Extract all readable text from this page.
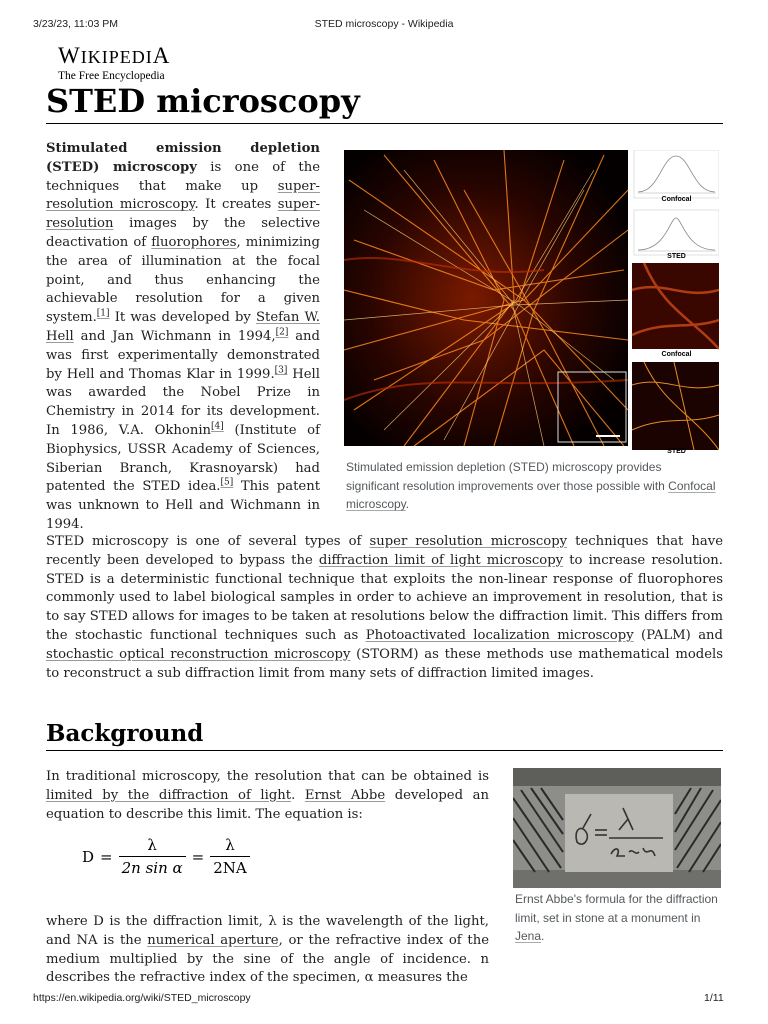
3/23/23, 11:03 PM	STED microscopy - Wikipedia
https://en.wikipedia.org/wiki/STED_microscopy	1/11
WIKIPEDIA
The Free Encyclopedia
STED microscopy

Stimulated emission depletion (STED) microscopy is one of the techniques that make up super-resolution microscopy. It creates super-resolution images by the selective deactivation of fluorophores, minimizing the area of illumination at the focal point, and thus enhancing the achievable resolution for a given system.[1] It was developed by Stefan W. Hell and Jan Wichmann in 1994,[2] and was first experimentally demonstrated by Hell and Thomas Klar in 1999.[3] Hell was awarded the Nobel Prize in Chemistry in 2014 for its development. In 1986, V.A. Okhonin[4] (Institute of Biophysics, USSR Academy of Sciences, Siberian Branch, Krasnoyarsk) had patented the STED idea.[5] This patent was unknown to Hell and Wichmann in 1994.

Confocal
STED
Confocal
STED
Stimulated emission depletion (STED) microscopy provides significant resolution improvements over those possible with Confocal microscopy.

STED microscopy is one of several types of super resolution microscopy techniques that have recently been developed to bypass the diffraction limit of light microscopy to increase resolution. STED is a deterministic functional technique that exploits the non-linear response of fluorophores commonly used to label biological samples in order to achieve an improvement in resolution, that is to say STED allows for images to be taken at resolutions below the diffraction limit. This differs from the stochastic functional techniques such as Photoactivated localization microscopy (PALM) and stochastic optical reconstruction microscopy (STORM) as these methods use mathematical models to reconstruct a sub diffraction limit from many sets of diffraction limited images.

Background

In traditional microscopy, the resolution that can be obtained is limited by the diffraction of light. Ernst Abbe developed an equation to describe this limit. The equation is:

$D = \frac{\lambda}{\text{2n sin α}} = \frac{\lambda}{2NA}$

where D is the diffraction limit, λ is the wavelength of the light, and NA is the numerical aperture, or the refractive index of the medium multiplied by the sine of the angle of incidence. n describes the refractive index of the specimen, α measures the

Ernst Abbe's formula for the diffraction limit, set in stone at a monument in Jena.
